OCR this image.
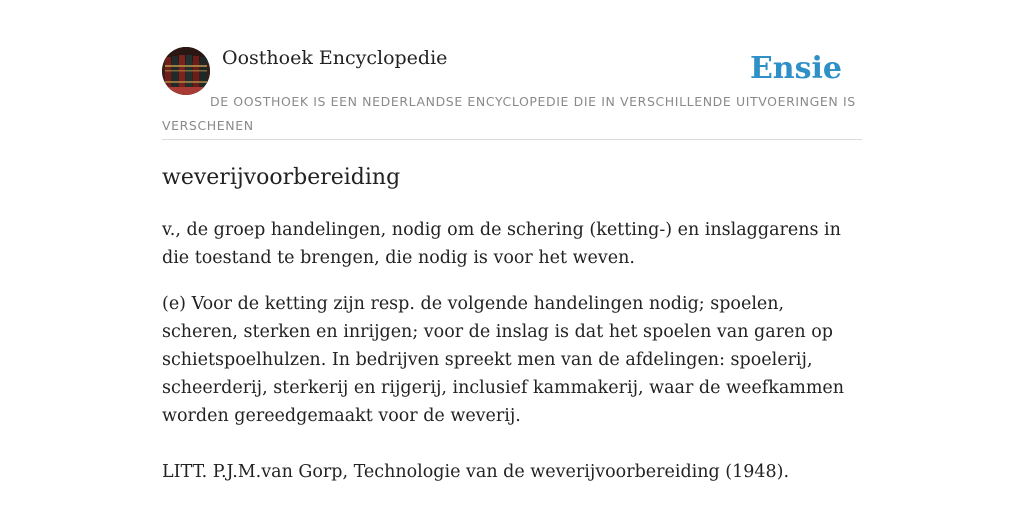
Oosthoek Encyclopedie	Ensie
DE OOSTHOEK IS EEN NEDERLANDSE ENCYCLOPEDIE DIE IN VERSCHILLENDE UITVOERINGEN IS VERSCHENEN
weverijvoorbereiding

v., de groep handelingen, nodig om de schering (ketting-) en inslaggarens in die toestand te brengen, die nodig is voor het weven.

(e) Voor de ketting zijn resp. de volgende handelingen nodig; spoelen, scheren, sterken en inrijgen; voor de inslag is dat het spoelen van garen op schietspoelhulzen. In bedrijven spreekt men van de afdelingen: spoelerij, scheerderij, sterkerij en rijgerij, inclusief kammakerij, waar de weefkammen worden gereedgemaakt voor de weverij.

LITT. P.J.M.van Gorp, Technologie van de weverijvoorbereiding (1948).
